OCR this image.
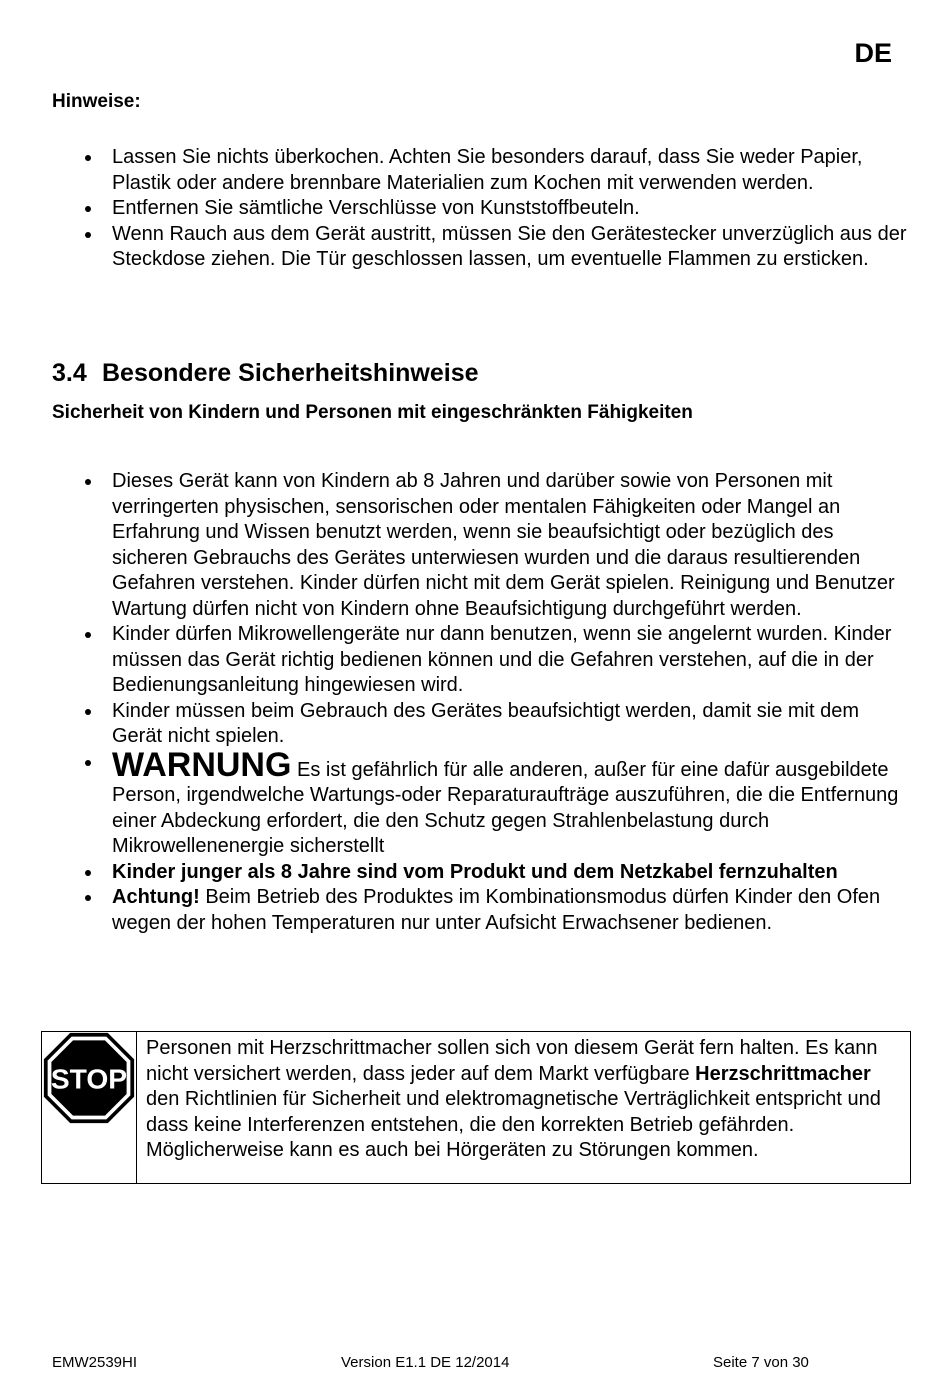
DE
Hinweise:
Lassen Sie nichts überkochen. Achten Sie besonders darauf, dass Sie weder Papier, Plastik oder andere brennbare Materialien zum Kochen mit verwenden werden.
Entfernen Sie sämtliche Verschlüsse von Kunststoffbeuteln.
Wenn Rauch aus dem Gerät austritt, müssen Sie den Gerätestecker unverzüglich aus der Steckdose ziehen. Die Tür geschlossen lassen, um eventuelle Flammen zu ersticken.
3.4 Besondere Sicherheitshinweise
Sicherheit von Kindern und Personen mit eingeschränkten Fähigkeiten
Dieses Gerät kann von Kindern ab 8 Jahren und darüber sowie von Personen mit verringerten physischen, sensorischen oder mentalen Fähigkeiten oder Mangel an Erfahrung und Wissen benutzt werden, wenn sie beaufsichtigt oder bezüglich des sicheren Gebrauchs des Gerätes unterwiesen wurden und die daraus resultierenden Gefahren verstehen. Kinder dürfen nicht mit dem Gerät spielen. Reinigung und Benutzer Wartung dürfen nicht von Kindern ohne Beaufsichtigung durchgeführt werden.
Kinder dürfen Mikrowellengeräte nur dann benutzen, wenn sie angelernt wurden. Kinder müssen das Gerät richtig bedienen können und die Gefahren verstehen, auf die in der Bedienungsanleitung hingewiesen wird.
Kinder müssen beim Gebrauch des Gerätes beaufsichtigt werden, damit sie mit dem Gerät nicht spielen.
WARNUNG Es ist gefährlich für alle anderen, außer für eine dafür ausgebildete Person, irgendwelche Wartungs-oder Reparaturaufträge auszuführen, die die Entfernung einer Abdeckung erfordert, die den Schutz gegen Strahlenbelastung durch Mikrowellenenergie sicherstellt
Kinder junger als 8 Jahre sind vom Produkt und dem Netzkabel fernzuhalten
Achtung! Beim Betrieb des Produktes im Kombinationsmodus dürfen Kinder den Ofen wegen der hohen Temperaturen nur unter Aufsicht Erwachsener bedienen.
STOP
Personen mit Herzschrittmacher sollen sich von diesem Gerät fern halten. Es kann nicht versichert werden, dass jeder auf dem Markt verfügbare Herzschrittmacher den Richtlinien für Sicherheit und elektromagnetische Verträglichkeit entspricht und dass keine Interferenzen entstehen, die den korrekten Betrieb gefährden. Möglicherweise kann es auch bei Hörgeräten zu Störungen kommen.
EMW2539HI	Version E1.1 DE 12/2014	Seite 7 von 30
